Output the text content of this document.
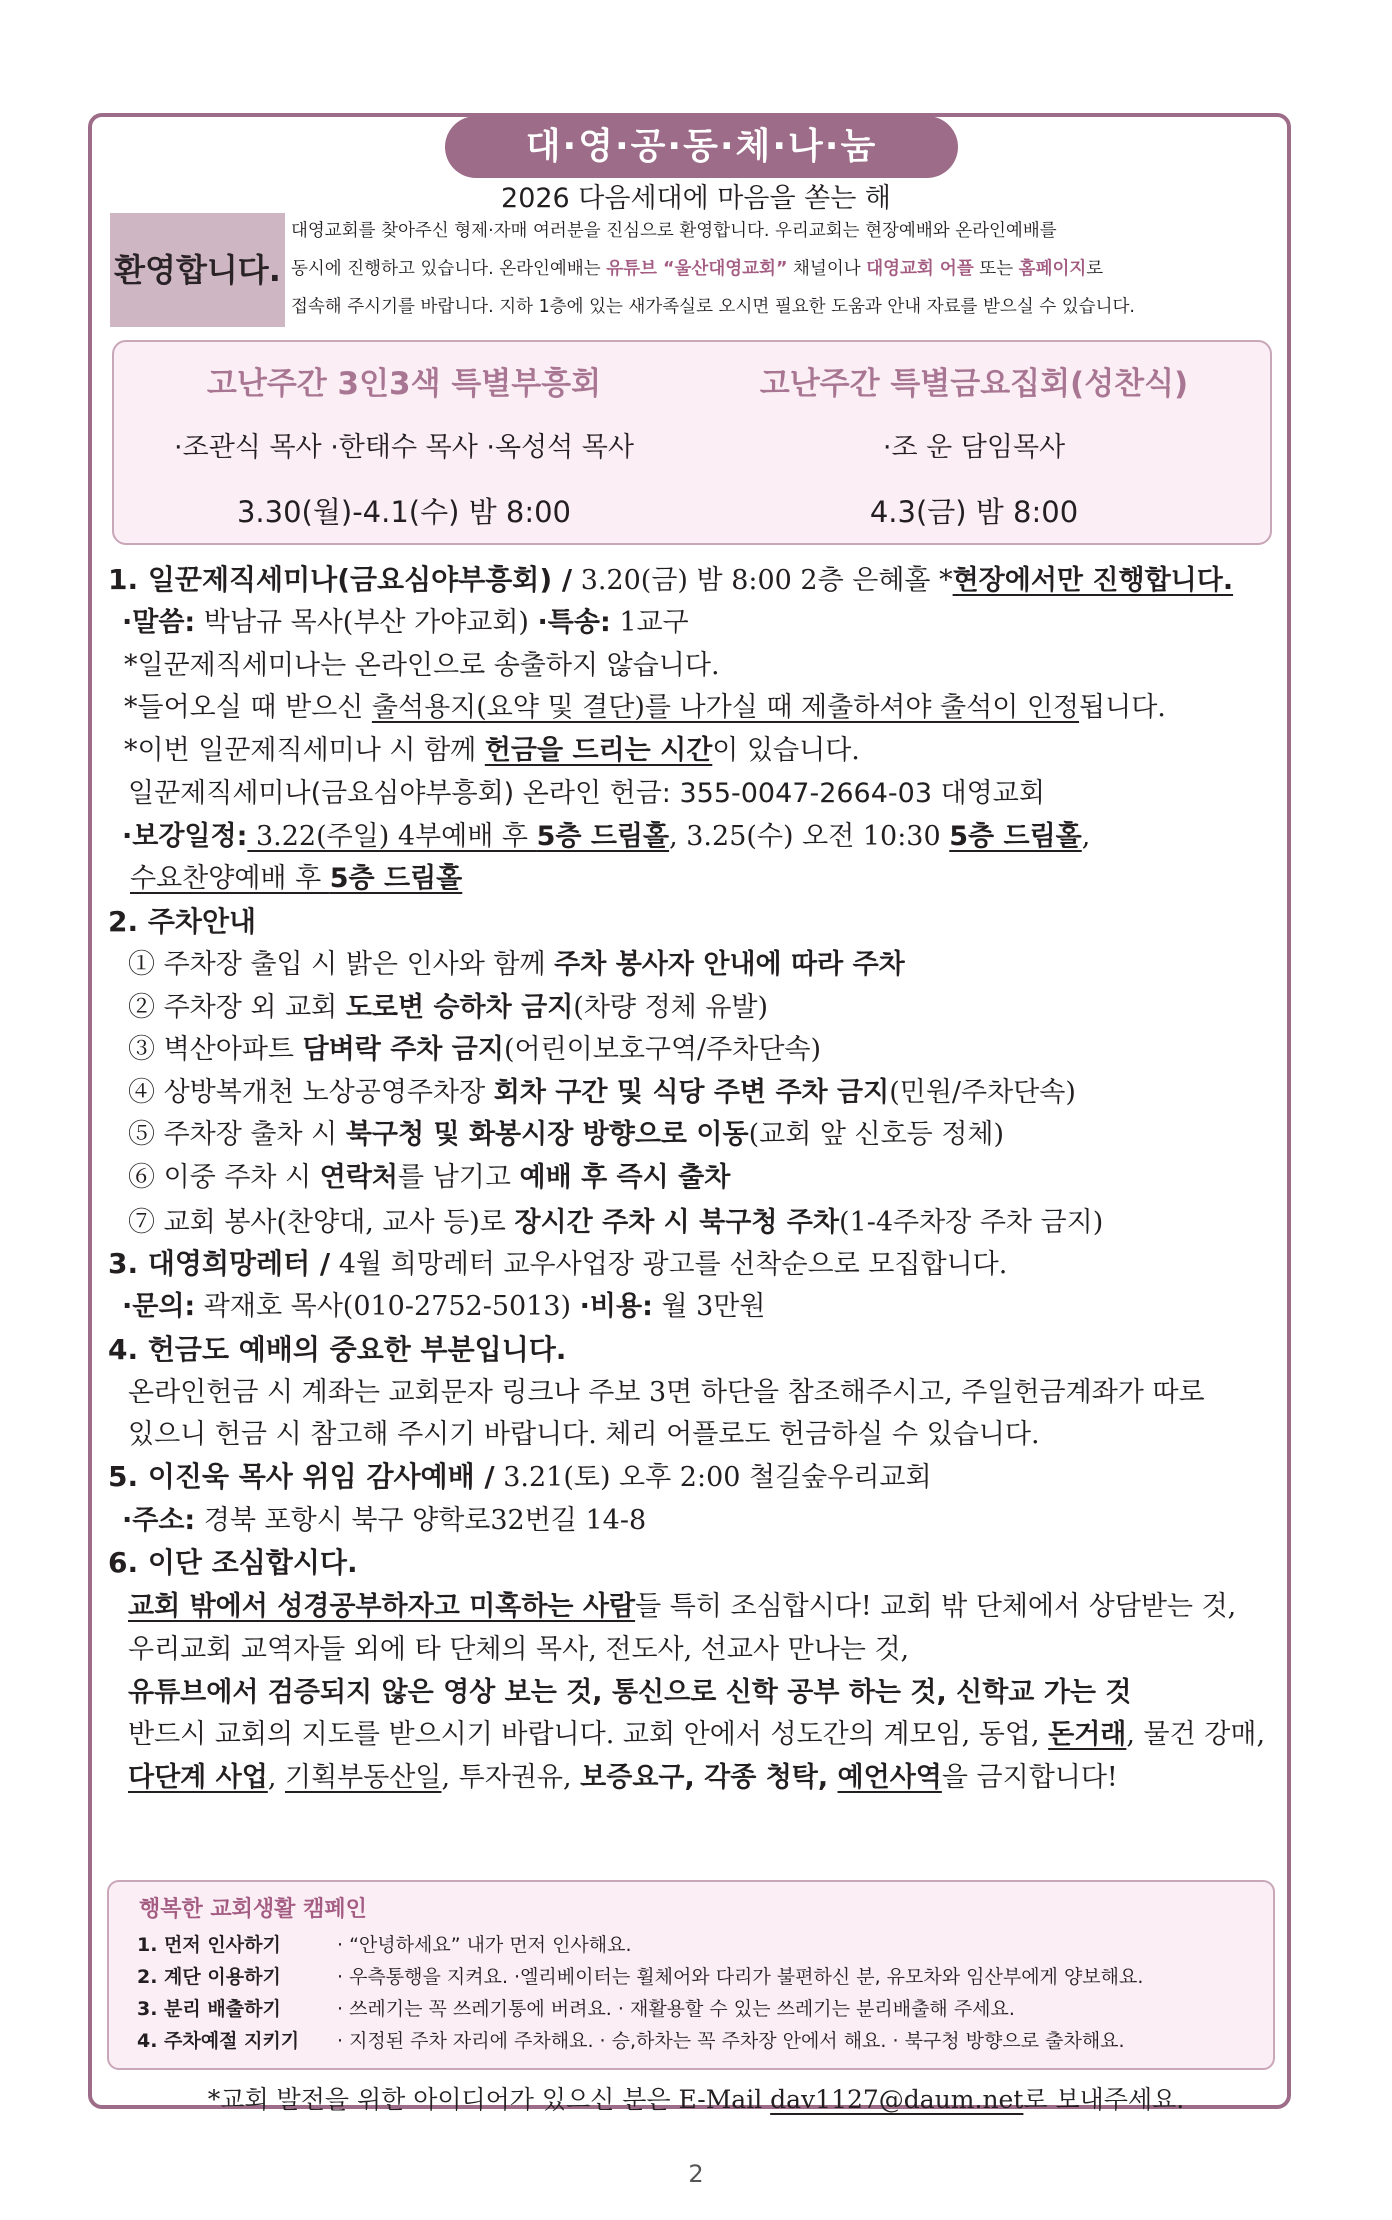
대·영·공·동·체·나·눔
2026 다음세대에 마음을 쏟는 해
환영합니다.
대영교회를 찾아주신 형제·자매 여러분을 진심으로 환영합니다. 우리교회는 현장예배와 온라인예배를
동시에 진행하고 있습니다. 온라인예배는 유튜브 “울산대영교회” 채널이나 대영교회 어플 또는 홈페이지로
접속해 주시기를 바랍니다. 지하 1층에 있는 새가족실로 오시면 필요한 도움과 안내 자료를 받으실 수 있습니다.
고난주간 3인3색 특별부흥회
·조관식 목사 ·한태수 목사 ·옥성석 목사
3.30(월)-4.1(수) 밤 8:00
고난주간 특별금요집회(성찬식)
·조 운 담임목사
4.3(금) 밤 8:00
1. 일꾼제직세미나(금요심야부흥회) / 3.20(금) 밤 8:00 2층 은혜홀 *현장에서만 진행합니다.
·말씀: 박남규 목사(부산 가야교회) ·특송: 1교구
*일꾼제직세미나는 온라인으로 송출하지 않습니다.
*들어오실 때 받으신 출석용지(요약 및 결단)를 나가실 때 제출하셔야 출석이 인정됩니다.
*이번 일꾼제직세미나 시 함께 헌금을 드리는 시간이 있습니다.
일꾼제직세미나(금요심야부흥회) 온라인 헌금: 355-0047-2664-03 대영교회
·보강일정: 3.22(주일) 4부예배 후 5층 드림홀, 3.25(수) 오전 10:30 5층 드림홀,
수요찬양예배 후 5층 드림홀
2. 주차안내
① 주차장 출입 시 밝은 인사와 함께 주차 봉사자 안내에 따라 주차
② 주차장 외 교회 도로변 승하차 금지(차량 정체 유발)
③ 벽산아파트 담벼락 주차 금지(어린이보호구역/주차단속)
④ 상방복개천 노상공영주차장 회차 구간 및 식당 주변 주차 금지(민원/주차단속)
⑤ 주차장 출차 시 북구청 및 화봉시장 방향으로 이동(교회 앞 신호등 정체)
⑥ 이중 주차 시 연락처를 남기고 예배 후 즉시 출차
⑦ 교회 봉사(찬양대, 교사 등)로 장시간 주차 시 북구청 주차(1-4주차장 주차 금지)
3. 대영희망레터 / 4월 희망레터 교우사업장 광고를 선착순으로 모집합니다.
·문의: 곽재호 목사(010-2752-5013) ·비용: 월 3만원
4. 헌금도 예배의 중요한 부분입니다.
온라인헌금 시 계좌는 교회문자 링크나 주보 3면 하단을 참조해주시고, 주일헌금계좌가 따로
있으니 헌금 시 참고해 주시기 바랍니다. 체리 어플로도 헌금하실 수 있습니다.
5. 이진욱 목사 위임 감사예배 / 3.21(토) 오후 2:00 철길숲우리교회
·주소: 경북 포항시 북구 양학로32번길 14-8
6. 이단 조심합시다.
교회 밖에서 성경공부하자고 미혹하는 사람들 특히 조심합시다! 교회 밖 단체에서 상담받는 것,
우리교회 교역자들 외에 타 단체의 목사, 전도사, 선교사 만나는 것,
유튜브에서 검증되지 않은 영상 보는 것, 통신으로 신학 공부 하는 것, 신학교 가는 것
반드시 교회의 지도를 받으시기 바랍니다. 교회 안에서 성도간의 계모임, 동업, 돈거래, 물건 강매,
다단계 사업, 기획부동산일, 투자권유, 보증요구, 각종 청탁, 예언사역을 금지합니다!
행복한 교회생활 캠페인
1. 먼저 인사하기	· “안녕하세요” 내가 먼저 인사해요.
2. 계단 이용하기	· 우측통행을 지켜요. ·엘리베이터는 휠체어와 다리가 불편하신 분, 유모차와 임산부에게 양보해요.
3. 분리 배출하기	· 쓰레기는 꼭 쓰레기통에 버려요. · 재활용할 수 있는 쓰레기는 분리배출해 주세요.
4. 주차예절 지키기 · 지정된 주차 자리에 주차해요. · 승,하차는 꼭 주차장 안에서 해요. · 북구청 방향으로 출차해요.
*교회 발전을 위한 아이디어가 있으신 분은 E-Mail dav1127@daum.net로 보내주세요.
2
